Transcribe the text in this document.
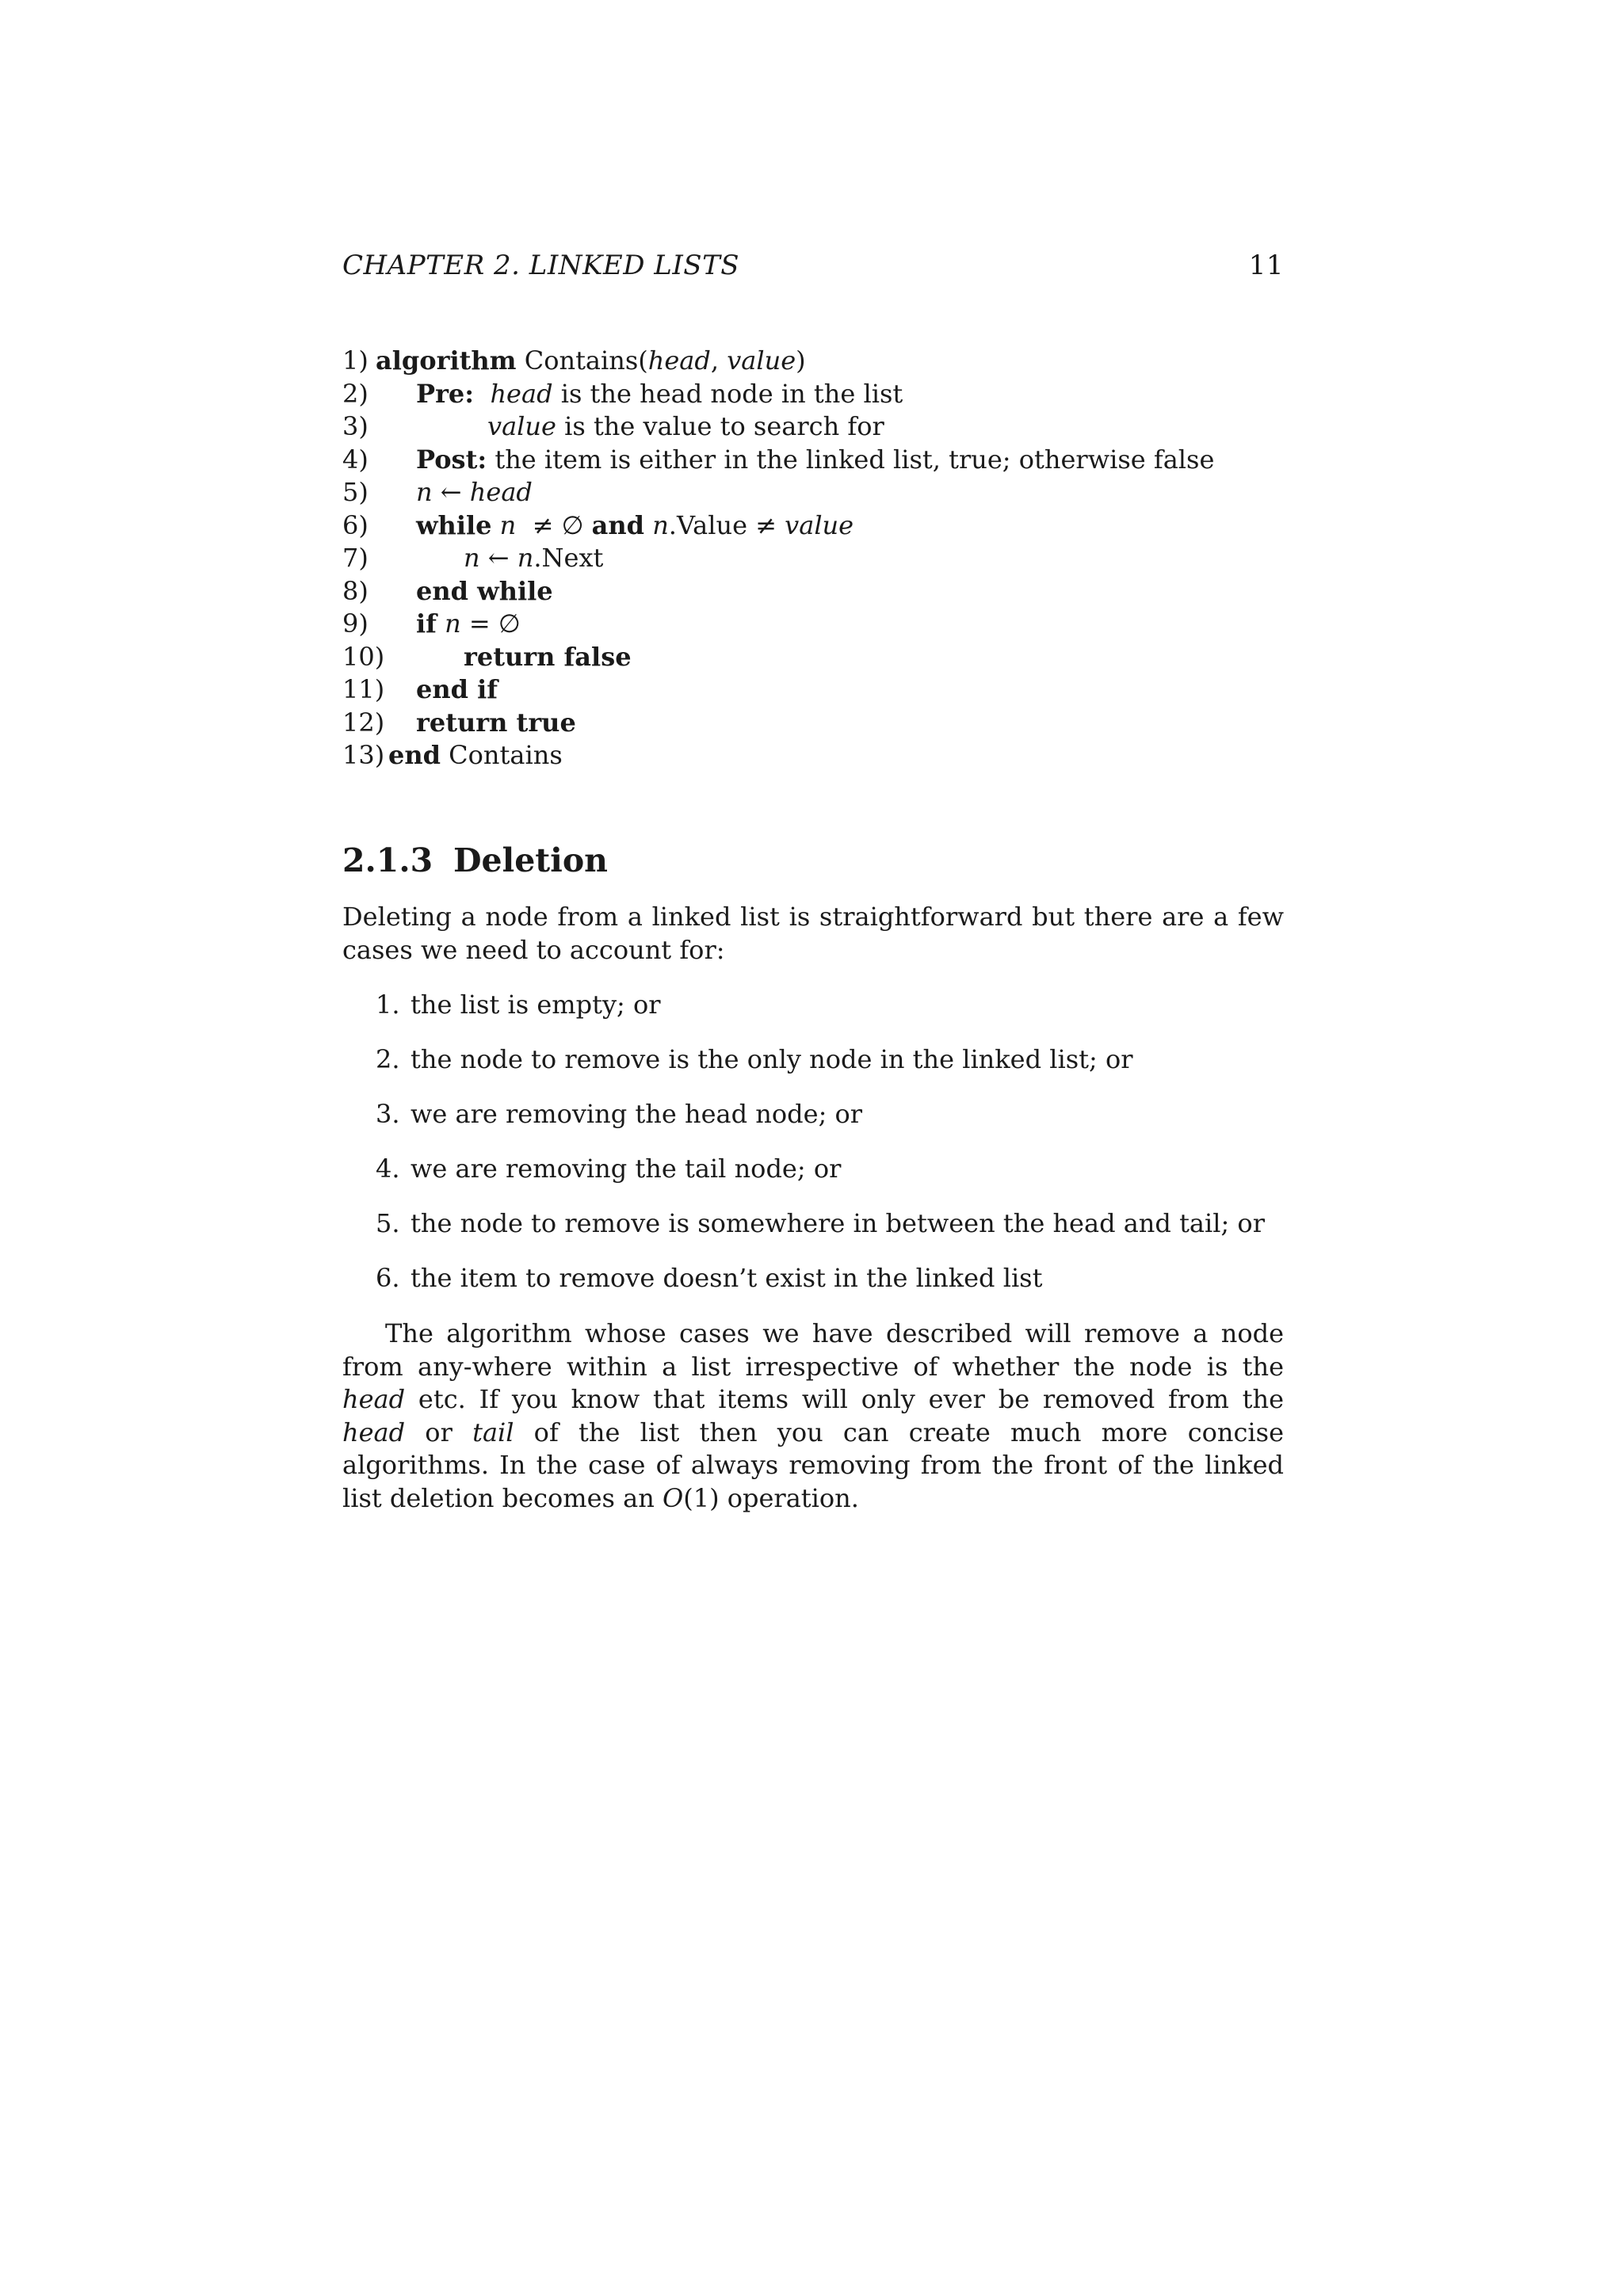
CHAPTER 2. LINKED LISTS	11
1) algorithm Contains(head, value)
2) Pre: head is the head node in the list
3)	value is the value to search for
4) Post: the item is either in the linked list, true; otherwise false
5) n ← head
6) while n  ≠ ∅ and n.Value ≠ value
7)	n ← n.Next
8) end while
9) if n = ∅
10)	return false
11) end if
12) return true
13) end Contains
2.1.3 Deletion
Deleting a node from a linked list is straightforward but there are a few cases we need to account for:
1. the list is empty; or
2. the node to remove is the only node in the linked list; or
3. we are removing the head node; or
4. we are removing the tail node; or
5. the node to remove is somewhere in between the head and tail; or
6. the item to remove doesn’t exist in the linked list
The algorithm whose cases we have described will remove a node from any-where within a list irrespective of whether the node is the head etc. If you know that items will only ever be removed from the head or tail of the list then you can create much more concise algorithms. In the case of always removing from the front of the linked list deletion becomes an O(1) operation.
